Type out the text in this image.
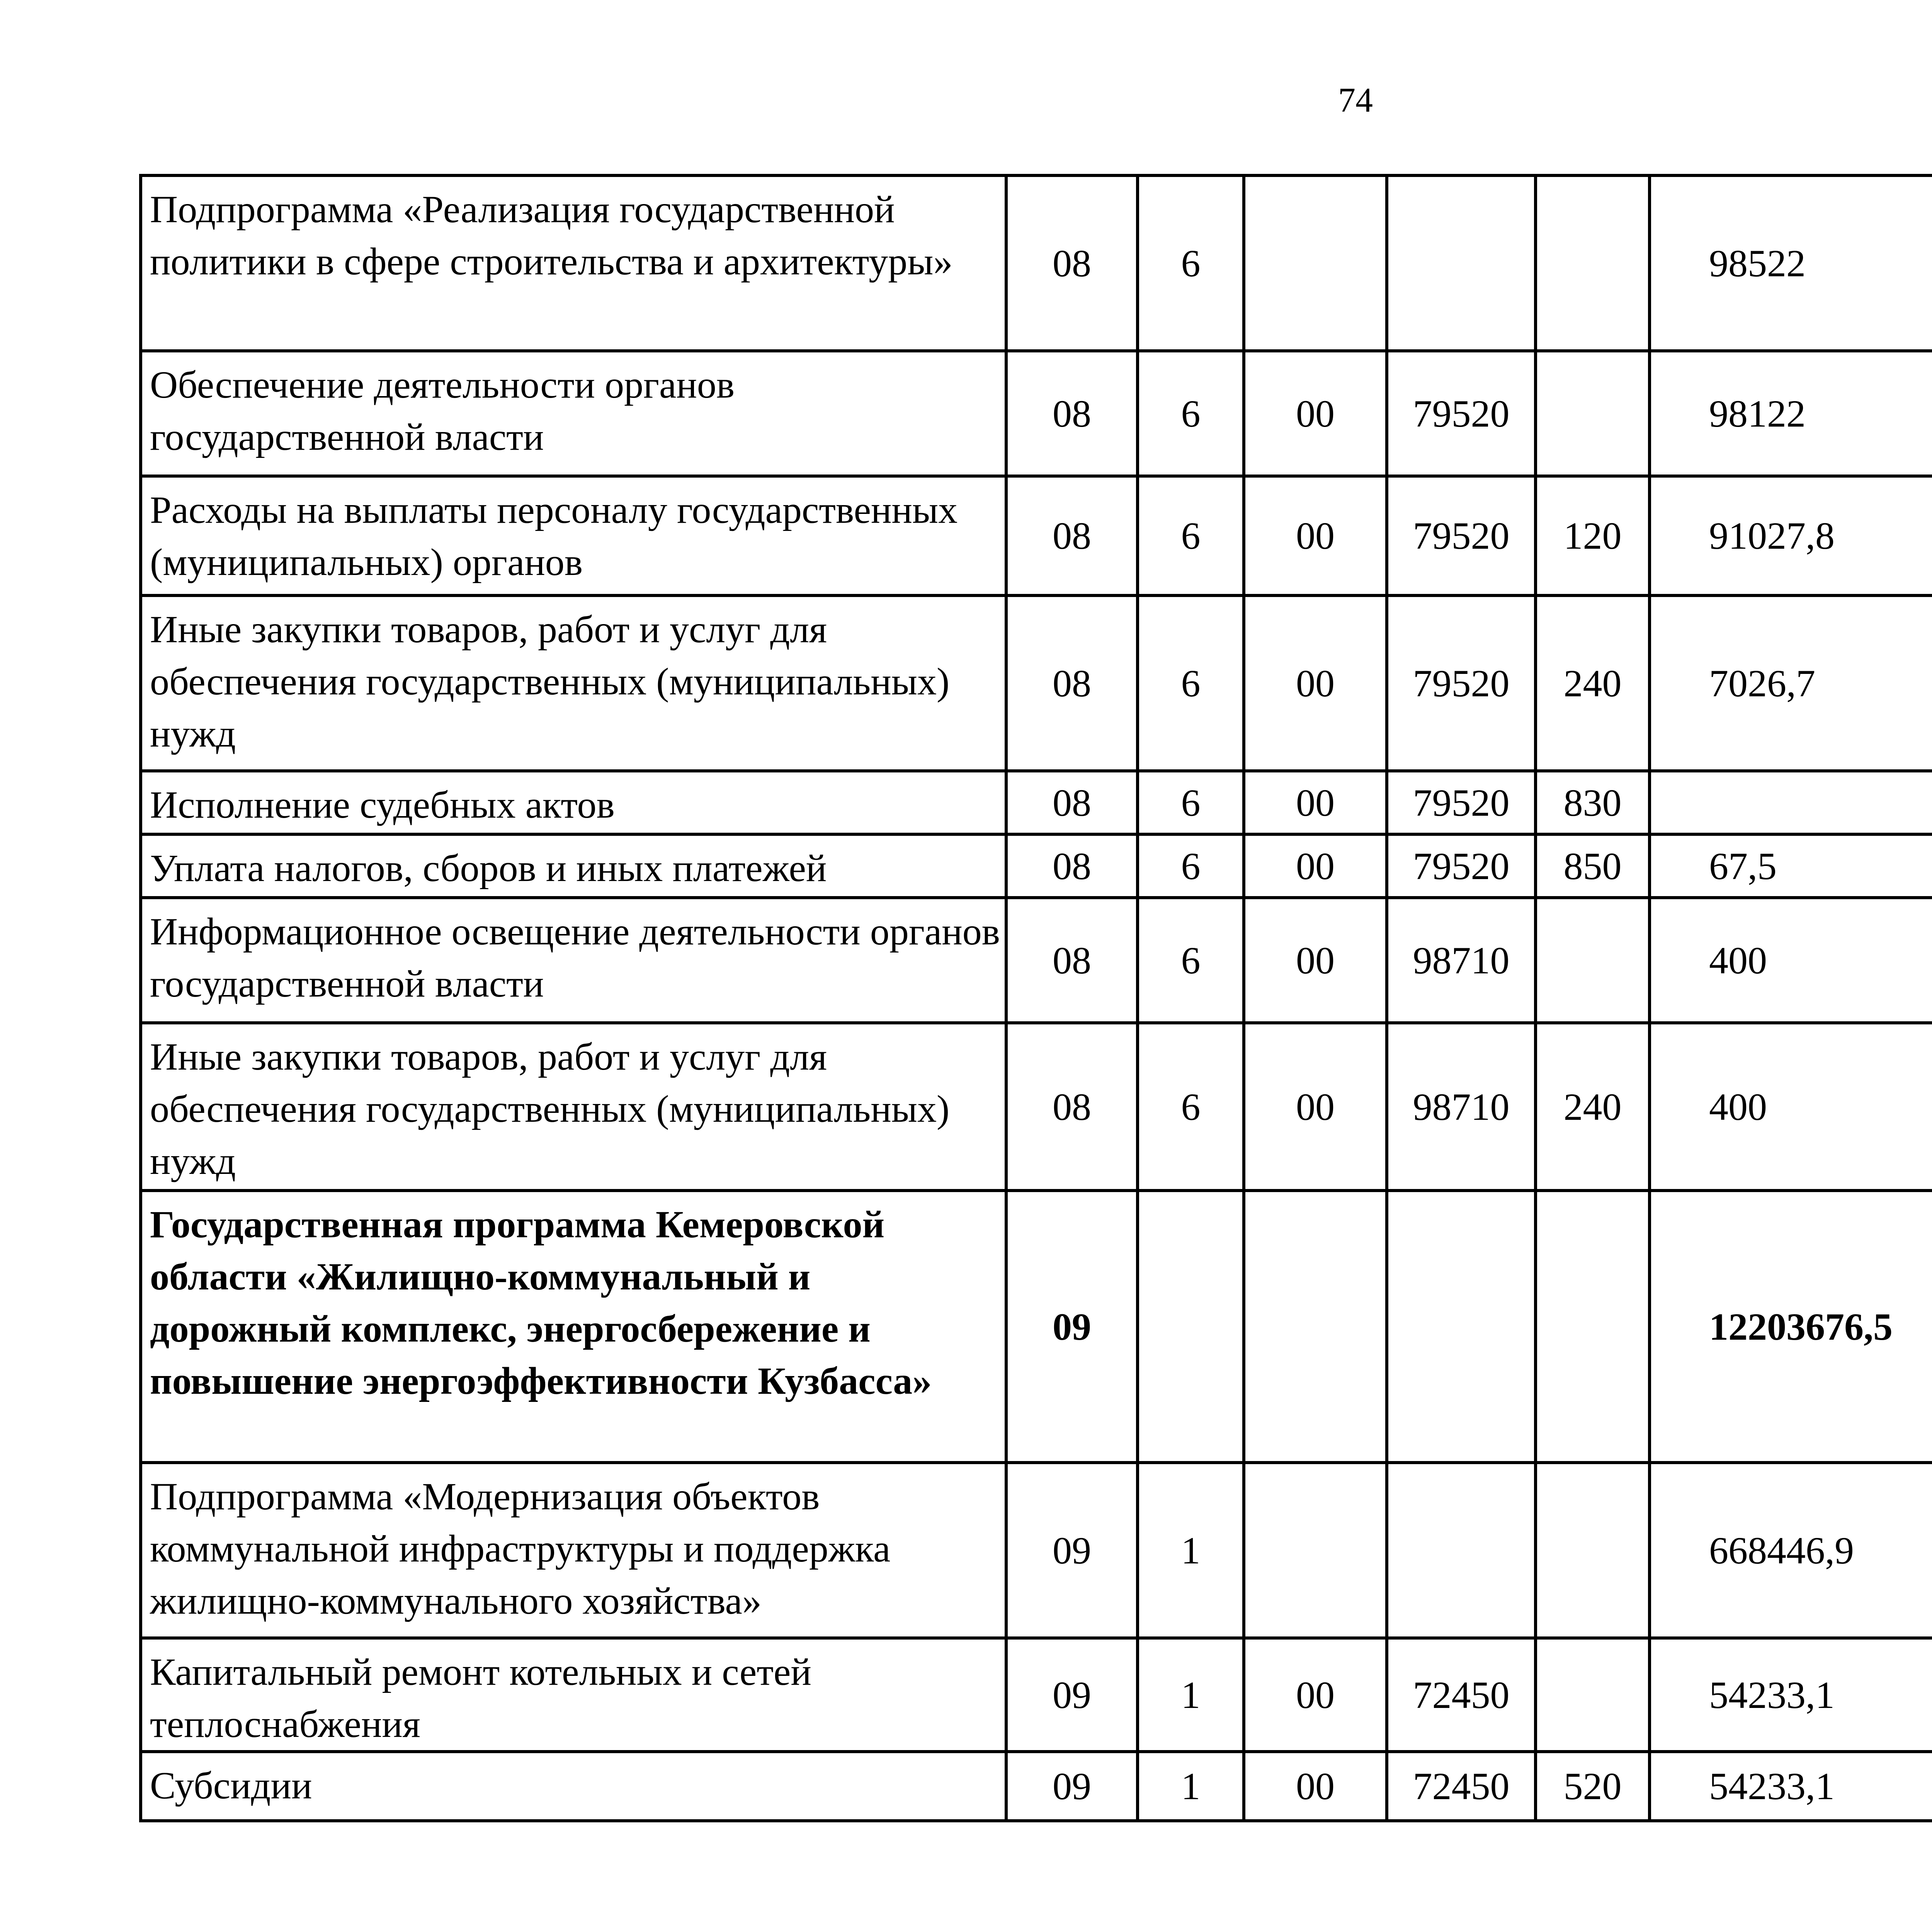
74
Подпрограмма «Реализация государственной политики в сфере строительства и архитектуры»	08	6				98522		
Обеспечение деятельности органов государственной власти	08	6	00	79520		98122		
Расходы на выплаты персоналу государственных (муниципальных) органов	08	6	00	79520	120	91027,8		
Иные закупки товаров, работ и услуг для обеспечения государственных (муниципальных) нужд	08	6	00	79520	240	7026,7		
Исполнение судебных актов	08	6	00	79520	830			
Уплата налогов, сборов и иных платежей	08	6	00	79520	850	67,5		
Информационное освещение деятельности органов государственной власти	08	6	00	98710		400		
Иные закупки товаров, работ и услуг для обеспечения государственных (муниципальных) нужд	08	6	00	98710	240	400		
Государственная программа Кемеровской области «Жилищно-коммунальный и дорожный комплекс, энергосбережение и повышение энергоэффективности Кузбасса»	09					12203676,5		
Подпрограмма «Модернизация объектов коммунальной инфраструктуры и поддержка жилищно-коммунального хозяйства»	09	1				668446,9		
Капитальный ремонт котельных и сетей теплоснабжения	09	1	00	72450		54233,1		
Субсидии	09	1	00	72450	520	54233,1		
